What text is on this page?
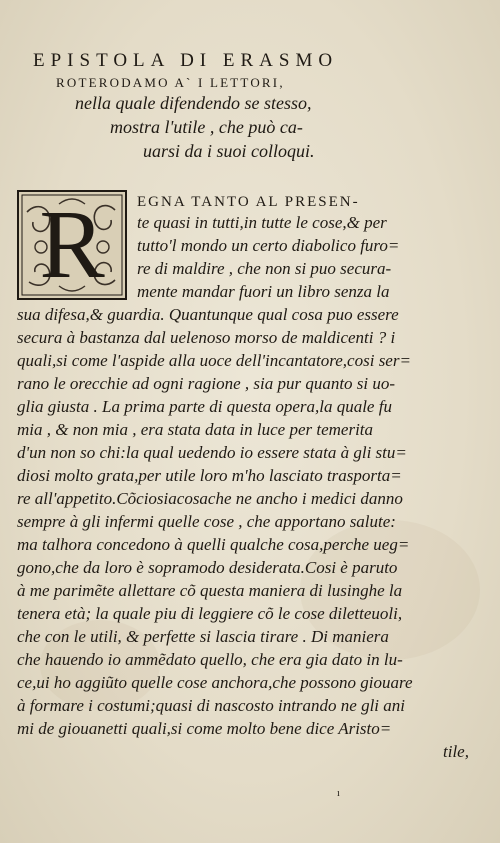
EPISTOLA DI ERASMO
ROTERODAMO A` I LETTORI,
nella quale difendendo se stesso,
mostra l'utile , che può ca-
uarsi da i suoi colloqui.
R	EGNA TANTO AL PRESEN-
te quasi in tutti,in tutte le cose,& per
tutto'l mondo un certo diabolico furo=
re di maldire , che non si puo secura-
mente mandar fuori un libro senza la
sua difesa,& guardia. Quantunque qual cosa puo essere
secura à bastanza dal uelenoso morso de maldicenti ? i
quali,si come l'aspide alla uoce dell'incantatore,cosi ser=
rano le orecchie ad ogni ragione , sia pur quanto si uo-
glia giusta . La prima parte di questa opera,la quale fu
mia , & non mia , era stata data in luce per temerita
d'un non so chi:la qual uedendo io essere stata à gli stu=
diosi molto grata,per utile loro m'ho lasciato trasporta=
re all'appetito.Cõciosiacosache ne ancho i medici danno
sempre à gli infermi quelle cose , che apportano salute:
ma talhora concedono à quelli qualche cosa,perche ueg=
gono,che da loro è sopramodo desiderata.Cosi è paruto
à me parimẽte allettare cõ questa maniera di lusinghe la
tenera età; la quale piu di leggiere cõ le cose diletteuoli,
che con le utili, & perfette si lascia tirare . Di maniera
che hauendo io ammẽdato quello, che era gia dato in lu-
ce,ui ho aggiũto quelle cose anchora,che possono giouare
à formare i costumi;quasi di nascosto intrando ne gli ani
mi de giouanetti quali,si come molto bene dice Aristo=
tile,
ı
